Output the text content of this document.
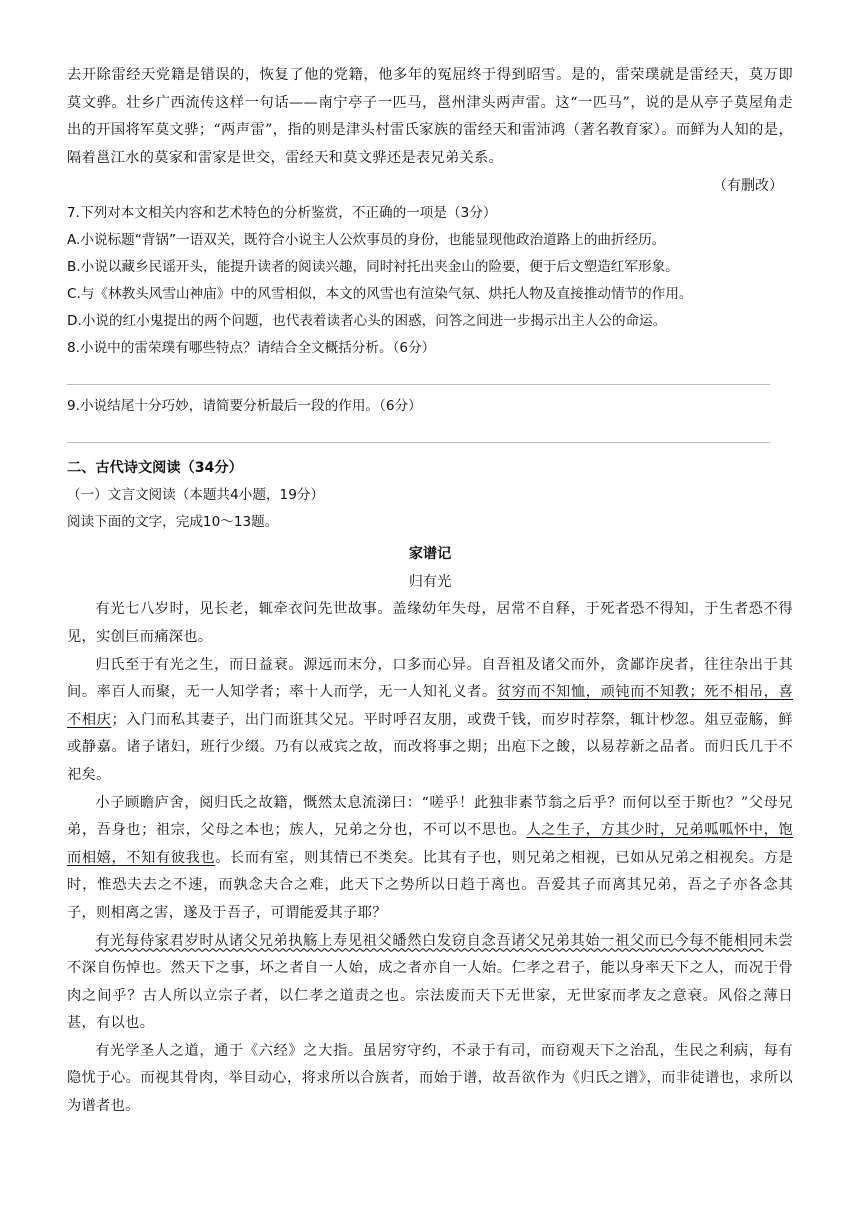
去开除雷经天党籍是错误的，恢复了他的党籍，他多年的冤屈终于得到昭雪。是的，雷荣璞就是雷经天，莫万即莫文骅。壮乡广西流传这样一句话——南宁亭子一匹马，邕州津头两声雷。这“一匹马”，说的是从亭子莫屋角走出的开国将军莫文骅；“两声雷”，指的则是津头村雷氏家族的雷经天和雷沛鸿（著名教育家）。而鲜为人知的是，隔着邕江水的莫家和雷家是世交，雷经天和莫文骅还是表兄弟关系。

（有删改）

7.下列对本文相关内容和艺术特色的分析鉴赏，不正确的一项是（3分）

A.小说标题“背锅”一语双关，既符合小说主人公炊事员的身份，也能显现他政治道路上的曲折经历。

B.小说以藏乡民谣开头，能提升读者的阅读兴趣，同时衬托出夹金山的险要，便于后文塑造红军形象。

C.与《林教头风雪山神庙》中的风雪相似，本文的风雪也有渲染气氛、烘托人物及直接推动情节的作用。

D.小说的红小鬼提出的两个问题，也代表着读者心头的困惑，问答之间进一步揭示出主人公的命运。

8.小说中的雷荣璞有哪些特点？请结合全文概括分析。（6分）

9.小说结尾十分巧妙，请简要分析最后一段的作用。（6分）

二、古代诗文阅读（34分）

（一）文言文阅读（本题共4小题，19分）

阅读下面的文字，完成10～13题。

家谱记

归有光

有光七八岁时，见长老，辄牵衣问先世故事。盖缘幼年失母，居常不自释，于死者恐不得知，于生者恐不得见，实创巨而痛深也。

归氏至于有光之生，而日益衰。源远而末分，口多而心异。自吾祖及诸父而外，贪鄙诈戾者，往往杂出于其间。率百人而聚，无一人知学者；率十人而学，无一人知礼义者。贫穷而不知恤，顽钝而不知教；死不相吊，喜不相庆；入门而私其妻子，出门而诳其父兄。平时呼召友朋，或费千钱，而岁时荐祭，辄计杪忽。俎豆壶觞，鲜或静嘉。诸子诸妇，班行少缀。乃有以戒宾之故，而改将事之期；出庖下之餕，以易荐新之品者。而归氏几于不祀矣。

小子顾瞻庐舍，阅归氏之故籍，慨然太息流涕曰：“嗟乎！此独非素节翁之后乎？而何以至于斯也？”父母兄弟，吾身也；祖宗，父母之本也；族人，兄弟之分也，不可以不思也。人之生子，方其少时，兄弟呱呱怀中，饱而相嬉，不知有彼我也。长而有室，则其情已不类矣。比其有子也，则兄弟之相视，已如从兄弟之相视矣。方是时，惟恐夫去之不速，而孰念夫合之难，此天下之势所以日趋于离也。吾爱其子而离其兄弟，吾之子亦各念其子，则相离之害，遂及于吾子，可谓能爱其子耶？

有光每侍家君岁时从诸父兄弟执觞上寿见祖父皤然白发窃自念吾诸父兄弟其始一祖父而已今每不能相同未尝不深自伤悼也。然天下之事，坏之者自一人始，成之者亦自一人始。仁孝之君子，能以身率天下之人，而况于骨肉之间乎？古人所以立宗子者，以仁孝之道责之也。宗法废而天下无世家，无世家而孝友之意衰。风俗之薄日甚，有以也。

有光学圣人之道，通于《六经》之大指。虽居穷守约，不录于有司，而窃观天下之治乱，生民之利病，每有隐忧于心。而视其骨肉，举目动心，将求所以合族者，而始于谱，故吾欲作为《归氏之谱》，而非徒谱也，求所以为谱者也。
